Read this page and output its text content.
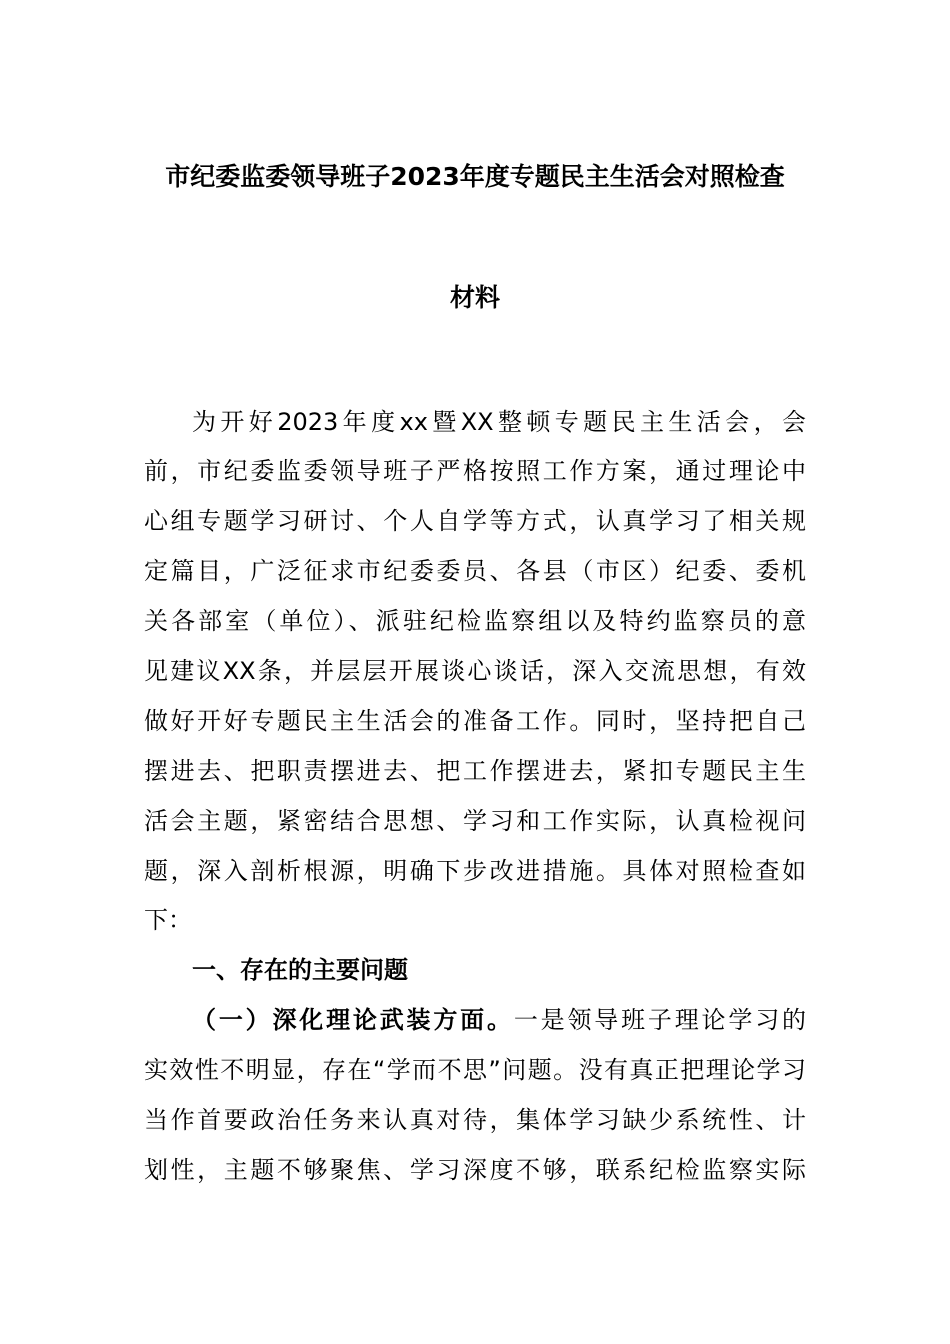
市纪委监委领导班子2023年度专题民主生活会对照检查
材料
为开好2023年度xx暨XX整顿专题民主生活会，会
前，市纪委监委领导班子严格按照工作方案，通过理论中
心组专题学习研讨、个人自学等方式，认真学习了相关规
定篇目，广泛征求市纪委委员、各县（市区）纪委、委机
关各部室（单位）、派驻纪检监察组以及特约监察员的意
见建议XX条，并层层开展谈心谈话，深入交流思想，有效
做好开好专题民主生活会的准备工作。同时，坚持把自己
摆进去、把职责摆进去、把工作摆进去，紧扣专题民主生
活会主题，紧密结合思想、学习和工作实际，认真检视问
题，深入剖析根源，明确下步改进措施。具体对照检查如
下：
一、存在的主要问题
（一）深化理论武装方面。一是领导班子理论学习的
实效性不明显，存在“学而不思”问题。没有真正把理论学习
当作首要政治任务来认真对待，集体学习缺少系统性、计
划性，主题不够聚焦、学习深度不够，联系纪检监察实际
